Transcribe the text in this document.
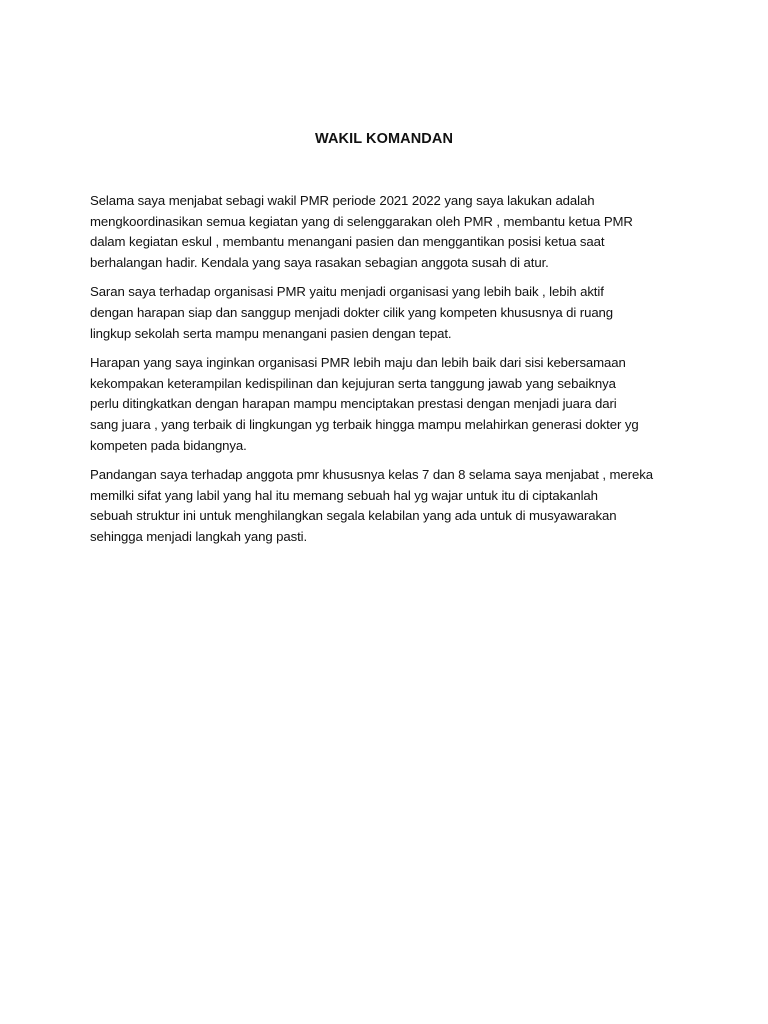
WAKIL KOMANDAN

Selama saya menjabat sebagi wakil PMR periode 2021 2022 yang saya lakukan adalah
mengkoordinasikan semua kegiatan yang di selenggarakan oleh PMR , membantu ketua PMR
dalam kegiatan eskul , membantu menangani pasien dan menggantikan posisi ketua saat
berhalangan hadir. Kendala yang saya rasakan sebagian anggota susah di atur.

Saran saya terhadap organisasi PMR yaitu menjadi organisasi yang lebih baik , lebih aktif
dengan harapan siap dan sanggup menjadi dokter cilik yang kompeten khususnya di ruang
lingkup sekolah serta mampu menangani pasien dengan tepat.

Harapan yang saya inginkan organisasi PMR lebih maju dan lebih baik dari sisi kebersamaan
kekompakan keterampilan kedispilinan dan kejujuran serta tanggung jawab yang sebaiknya
perlu ditingkatkan dengan harapan mampu menciptakan prestasi dengan menjadi juara dari
sang juara , yang terbaik di lingkungan yg terbaik hingga mampu melahirkan generasi dokter yg
kompeten pada bidangnya.

Pandangan saya terhadap anggota pmr khususnya kelas 7 dan 8 selama saya menjabat , mereka
memilki sifat yang labil yang hal itu memang sebuah hal yg wajar untuk itu di ciptakanlah
sebuah struktur ini untuk menghilangkan segala kelabilan yang ada untuk di musyawarakan
sehingga menjadi langkah yang pasti.
